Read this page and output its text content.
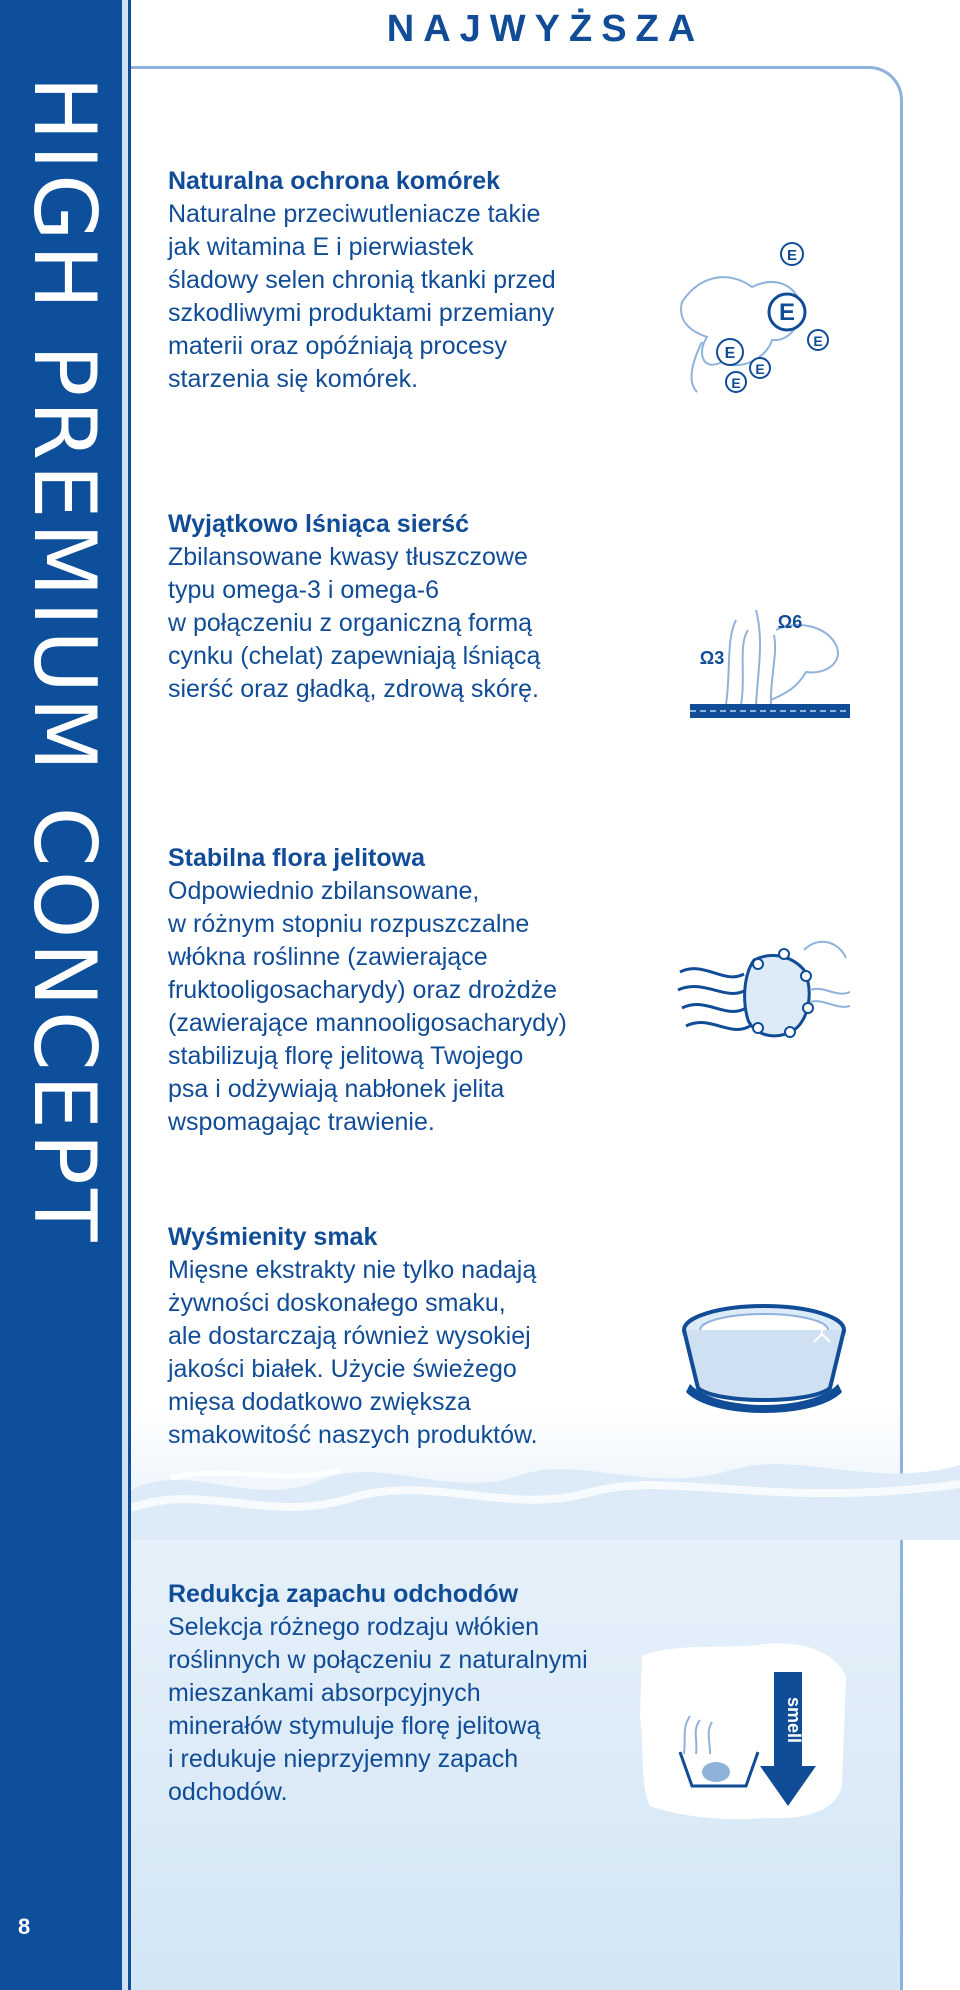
HIGH PREMIUM CONCEPT
8
NAJWYŻSZA
Naturalna ochrona komórek

Naturalne przeciwutleniacze takie

jak witamina E i pierwiastek

śladowy selen chronią tkanki przed

szkodliwymi produktami przemiany

materii oraz opóźniają procesy

starzenia się komórek.

E
E
E
E
E
E
Wyjątkowo lśniąca sierść

Zbilansowane kwasy tłuszczowe

typu omega-3 i omega-6

w połączeniu z organiczną formą

cynku (chelat) zapewniają lśniącą

sierść oraz gładką, zdrową skórę.

Ω3
Ω6
Stabilna flora jelitowa

Odpowiednio zbilansowane,

w różnym stopniu rozpuszczalne

włókna roślinne (zawierające

fruktooligosacharydy) oraz drożdże

(zawierające mannooligosacharydy)

stabilizują florę jelitową Twojego

psa i odżywiają nabłonek jelita

wspomagając trawienie.

Wyśmienity smak

Mięsne ekstrakty nie tylko nadają

żywności doskonałego smaku,

ale dostarczają również wysokiej

jakości białek. Użycie świeżego

mięsa dodatkowo zwiększa

smakowitość naszych produktów.

Redukcja zapachu odchodów

Selekcja różnego rodzaju włókien

roślinnych w połączeniu z naturalnymi

mieszankami absorpcyjnych

minerałów stymuluje florę jelitową

i redukuje nieprzyjemny zapach

odchodów.

smell
